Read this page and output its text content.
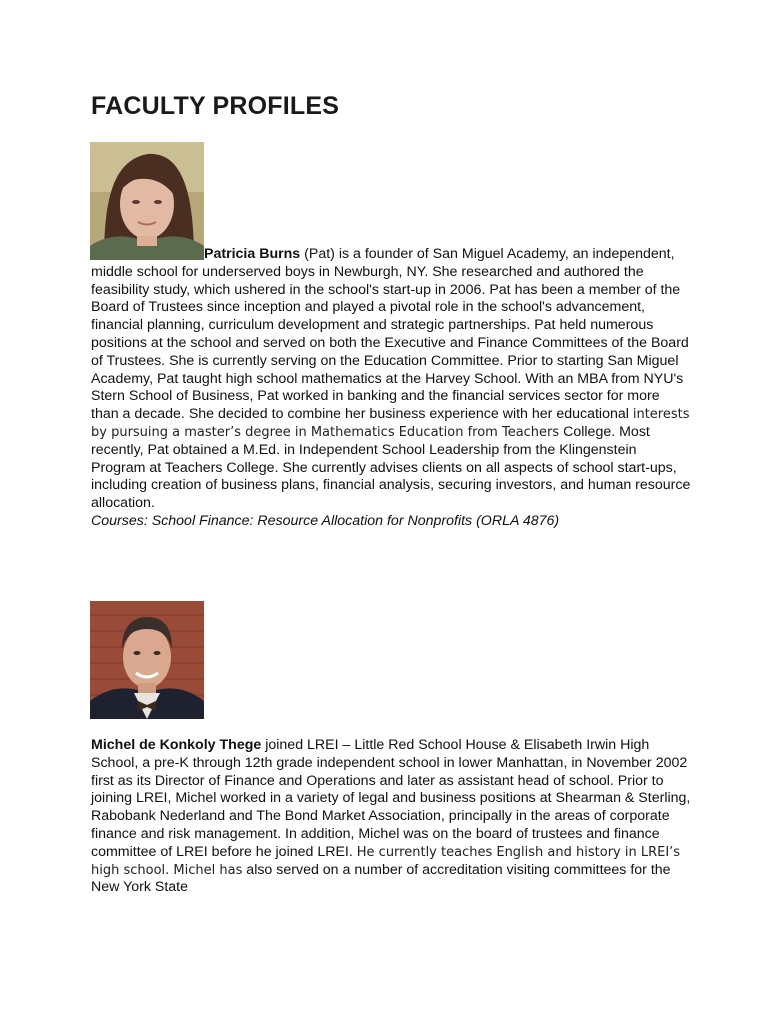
FACULTY PROFILES

Patricia Burns (Pat) is a founder of San Miguel Academy, an independent, middle school for underserved boys in Newburgh, NY. She researched and authored the feasibility study, which ushered in the school's start-up in 2006. Pat has been a member of the Board of Trustees since inception and played a pivotal role in the school's advancement, financial planning, curriculum development and strategic partnerships. Pat held numerous positions at the school and served on both the Executive and Finance Committees of the Board of Trustees. She is currently serving on the Education Committee. Prior to starting San Miguel Academy, Pat taught high school mathematics at the Harvey School. With an MBA from NYU's Stern School of Business, Pat worked in banking and the financial services sector for more than a decade. She decided to combine her business experience with her educational interests by pursuing a master’s degree in Mathematics Education from Teachers College. Most recently, Pat obtained a M.Ed. in Independent School Leadership from the Klingenstein Program at Teachers College. She currently advises clients on all aspects of school start-ups, including creation of business plans, financial analysis, securing investors, and human resource allocation.
Courses: School Finance: Resource Allocation for Nonprofits (ORLA 4876)

Michel de Konkoly Thege joined LREI – Little Red School House & Elisabeth Irwin High School, a pre-K through 12th grade independent school in lower Manhattan, in November 2002 first as its Director of Finance and Operations and later as assistant head of school. Prior to joining LREI, Michel worked in a variety of legal and business positions at Shearman & Sterling, Rabobank Nederland and The Bond Market Association, principally in the areas of corporate finance and risk management. In addition, Michel was on the board of trustees and finance committee of LREI before he joined LREI. He currently teaches English and history in LREI’s high school. Michel has also served on a number of accreditation visiting committees for the New York State
